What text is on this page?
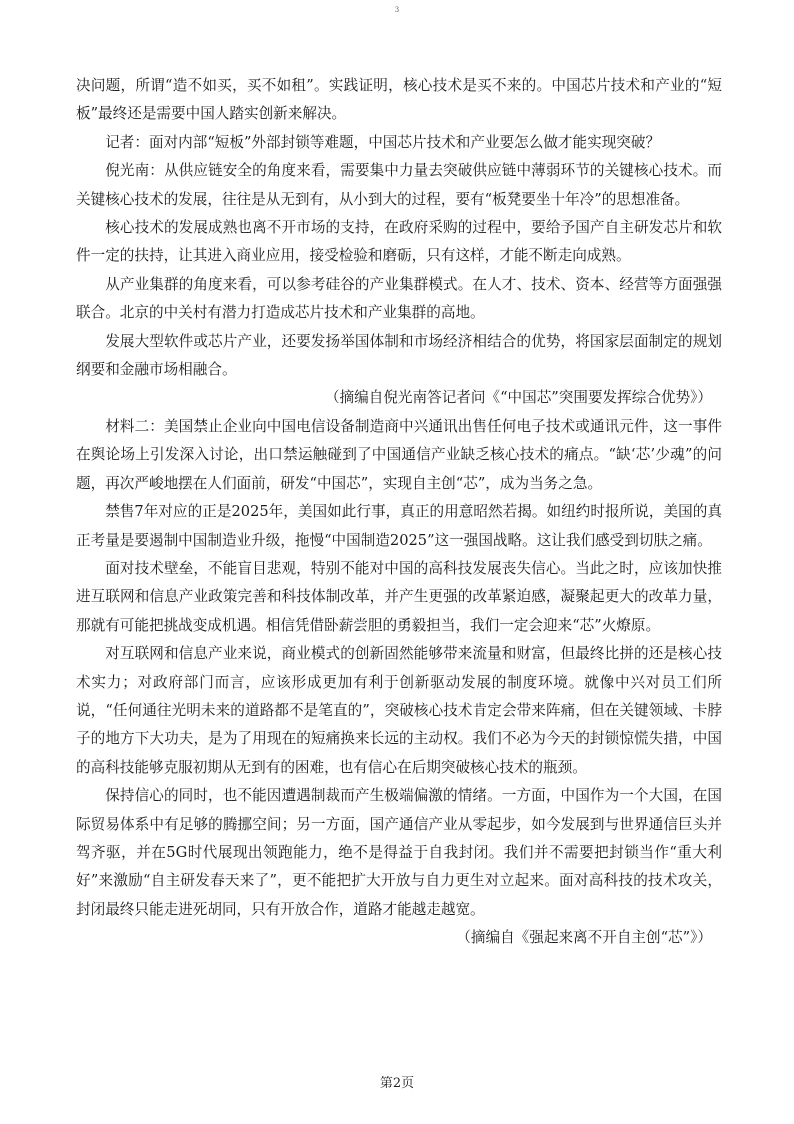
3

决问题，所谓“造不如买，买不如租”。实践证明，核心技术是买不来的。中国芯片技术和产业的“短板”最终还是需要中国人踏实创新来解决。

记者：面对内部“短板”外部封锁等难题，中国芯片技术和产业要怎么做才能实现突破？

倪光南：从供应链安全的角度来看，需要集中力量去突破供应链中薄弱环节的关键核心技术。而关键核心技术的发展，往往是从无到有，从小到大的过程，要有“板凳要坐十年冷”的思想准备。

核心技术的发展成熟也离不开市场的支持，在政府采购的过程中，要给予国产自主研发芯片和软件一定的扶持，让其进入商业应用，接受检验和磨砺，只有这样，才能不断走向成熟。

从产业集群的角度来看，可以参考硅谷的产业集群模式。在人才、技术、资本、经营等方面强强联合。北京的中关村有潜力打造成芯片技术和产业集群的高地。

发展大型软件或芯片产业，还要发扬举国体制和市场经济相结合的优势，将国家层面制定的规划纲要和金融市场相融合。

（摘编自倪光南答记者问《“中国芯”突围要发挥综合优势》）

材料二：美国禁止企业向中国电信设备制造商中兴通讯出售任何电子技术或通讯元件，这一事件在舆论场上引发深入讨论，出口禁运触碰到了中国通信产业缺乏核心技术的痛点。“缺‘芯’少魂”的问题，再次严峻地摆在人们面前，研发“中国芯”，实现自主创“芯”，成为当务之急。

禁售7年对应的正是2025年，美国如此行事，真正的用意昭然若揭。如纽约时报所说，美国的真正考量是要遏制中国制造业升级，拖慢“中国制造2025”这一强国战略。这让我们感受到切肤之痛。

面对技术壁垒，不能盲目悲观，特别不能对中国的高科技发展丧失信心。当此之时，应该加快推进互联网和信息产业政策完善和科技体制改革，并产生更强的改革紧迫感，凝聚起更大的改革力量，那就有可能把挑战变成机遇。相信凭借卧薪尝胆的勇毅担当，我们一定会迎来“芯”火燎原。

对互联网和信息产业来说，商业模式的创新固然能够带来流量和财富，但最终比拼的还是核心技术实力；对政府部门而言，应该形成更加有利于创新驱动发展的制度环境。就像中兴对员工们所说，“任何通往光明未来的道路都不是笔直的”，突破核心技术肯定会带来阵痛，但在关键领域、卡脖子的地方下大功夫，是为了用现在的短痛换来长远的主动权。我们不必为今天的封锁惊慌失措，中国的高科技能够克服初期从无到有的困难，也有信心在后期突破核心技术的瓶颈。

保持信心的同时，也不能因遭遇制裁而产生极端偏激的情绪。一方面，中国作为一个大国，在国际贸易体系中有足够的腾挪空间；另一方面，国产通信产业从零起步，如今发展到与世界通信巨头并驾齐驱，并在5G时代展现出领跑能力，绝不是得益于自我封闭。我们并不需要把封锁当作“重大利好”来激励“自主研发春天来了”，更不能把扩大开放与自力更生对立起来。面对高科技的技术攻关，封闭最终只能走进死胡同，只有开放合作，道路才能越走越宽。

（摘编自《强起来离不开自主创“芯”》）

第2页
